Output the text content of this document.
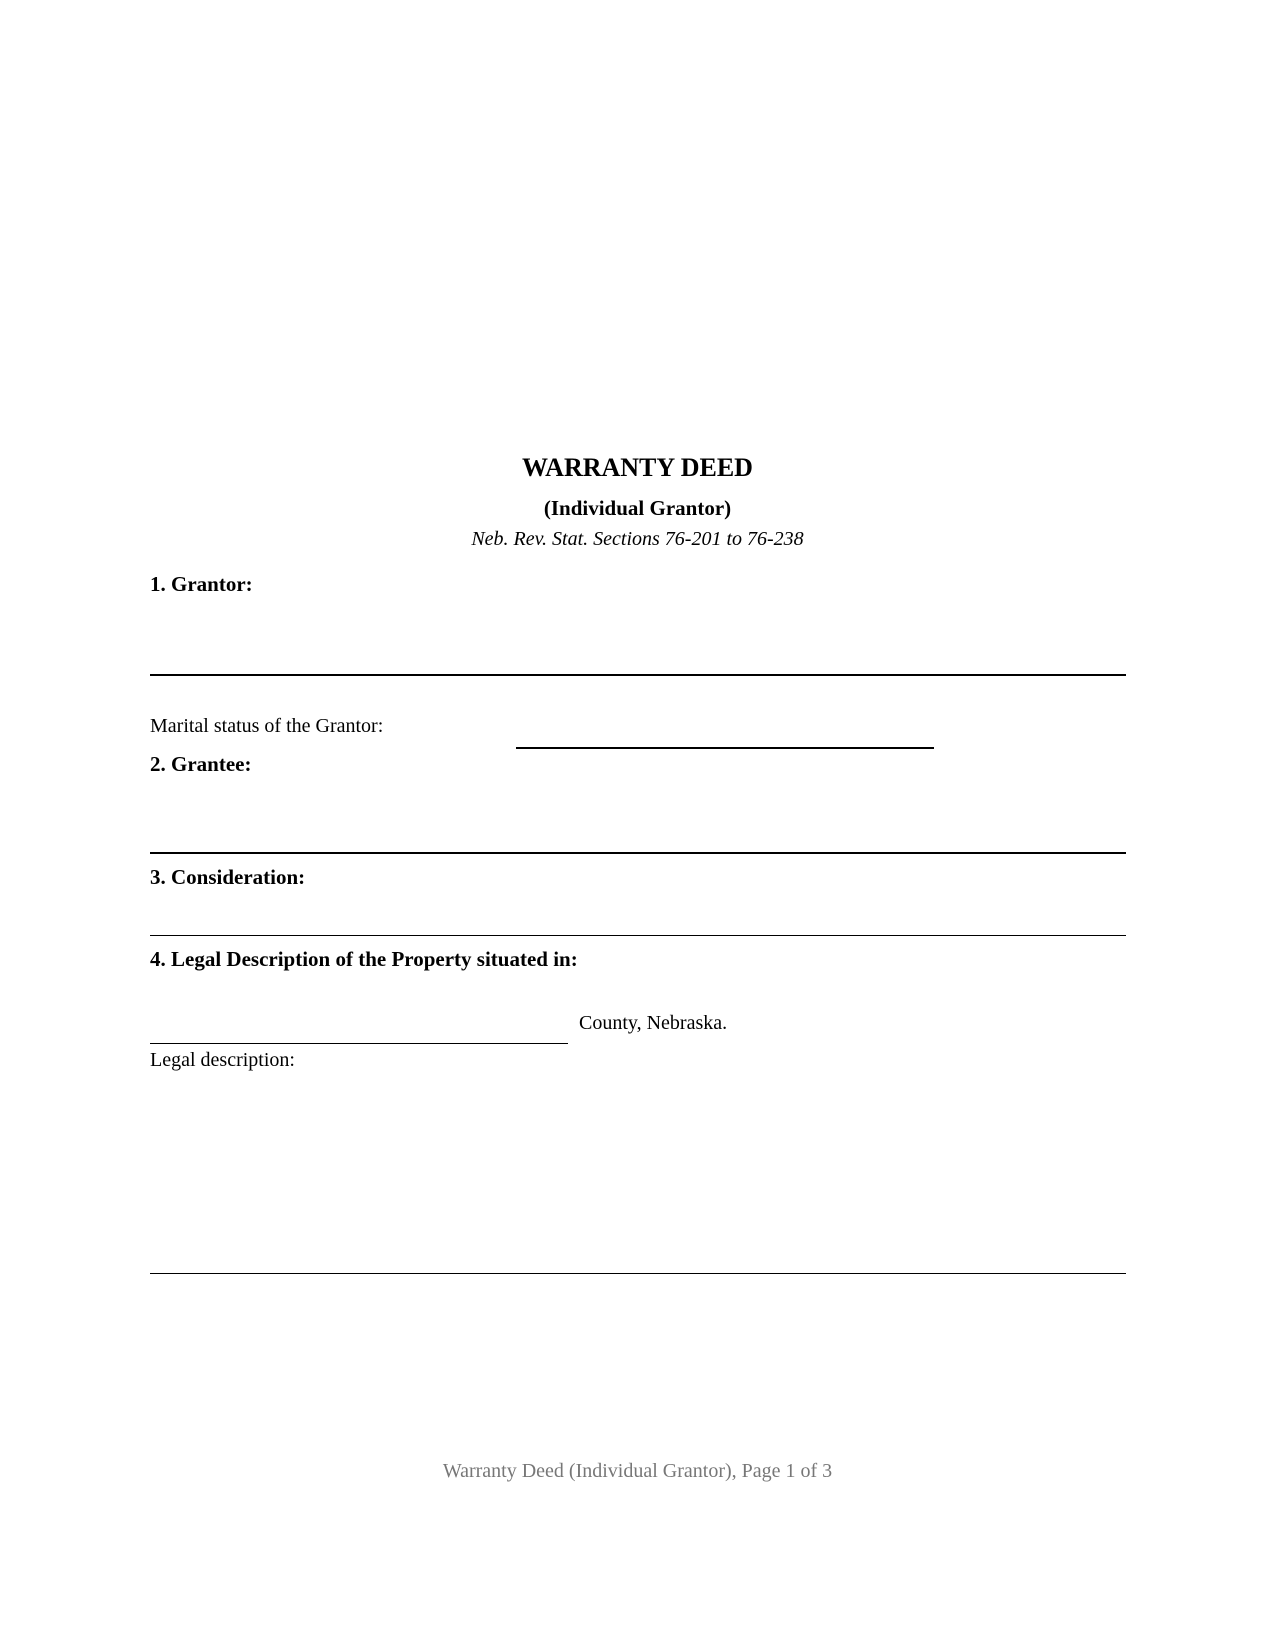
WARRANTY DEED
(Individual Grantor)
Neb. Rev. Stat. Sections 76-201 to 76-238
1. Grantor:
Marital status of the Grantor:
2. Grantee:
3. Consideration:
4. Legal Description of the Property situated in:
County, Nebraska.
Legal description:
Warranty Deed (Individual Grantor), Page 1 of 3
